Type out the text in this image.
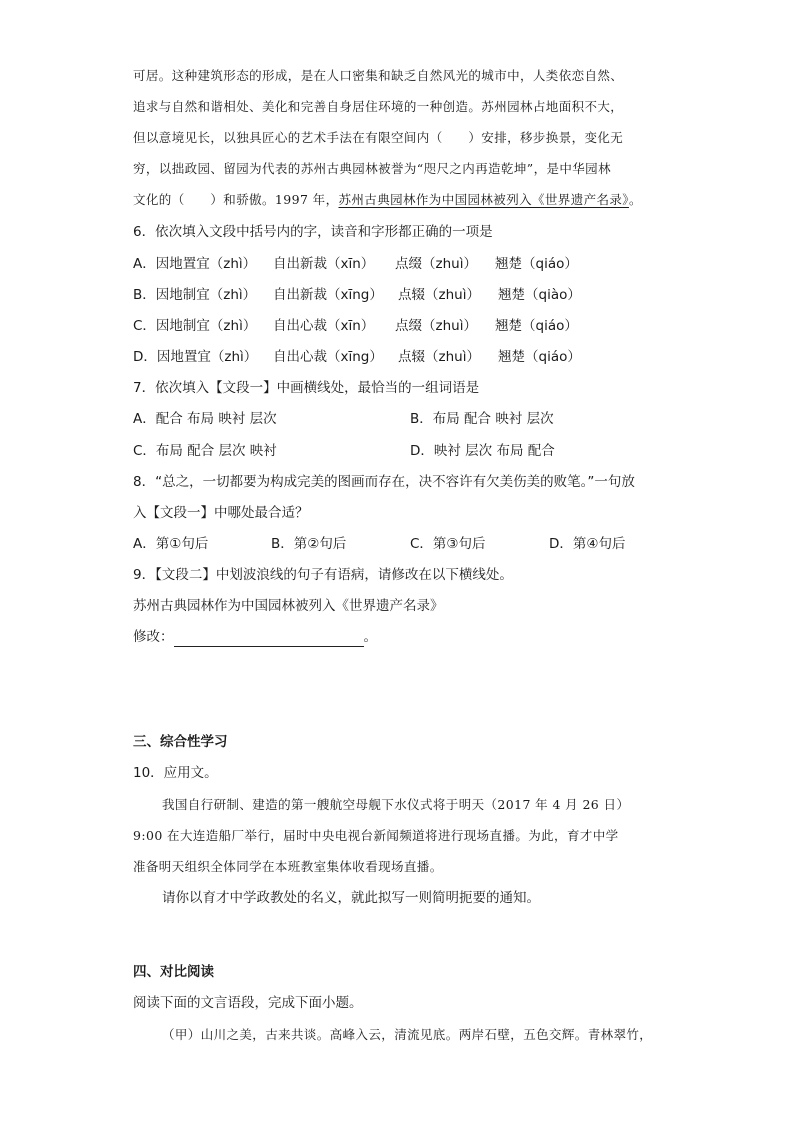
可居。这种建筑形态的形成，是在人口密集和缺乏自然风光的城市中，人类依恋自然、
追求与自然和谐相处、美化和完善自身居住环境的一种创造。苏州园林占地面积不大，
但以意境见长，以独具匠心的艺术手法在有限空间内（　　）安排，移步换景，变化无
穷，以拙政园、留园为代表的苏州古典园林被誉为“咫尺之内再造乾坤”，是中华园林
文化的（　　）和骄傲。1997 年，苏州古典园林作为中国园林被列入《世界遗产名录》。
6．依次填入文段中括号内的字，读音和字形都正确的一项是
A．因地置宜（zhì） 自出新裁（xīn） 点缀（zhuì） 翘楚（qiáo）
B．因地制宜（zhì） 自出新裁（xīng） 点辍（zhuì） 翘楚（qiào）
C．因地制宜（zhì） 自出心裁（xīn） 点缀（zhuì） 翘楚（qiáo）
D．因地置宜（zhì） 自出心裁（xīng） 点辍（zhuì） 翘楚（qiáo）
7．依次填入【文段一】中画横线处，最恰当的一组词语是
A．配合 布局 映衬 层次	B．布局 配合 映衬 层次
C．布局 配合 层次 映衬	D．映衬 层次 布局 配合
8．“总之，一切都要为构成完美的图画而存在，决不容许有欠美伤美的败笔。”一句放
入【文段一】中哪处最合适？
A．第①句后	B．第②句后	C．第③句后	D．第④句后
9．【文段二】中划波浪线的句子有语病，请修改在以下横线处。
苏州古典园林作为中国园林被列入《世界遗产名录》
修改：	。
三、综合性学习
10．应用文。
我国自行研制、建造的第一艘航空母舰下水仪式将于明天（2017 年 4 月 26 日）
9:00 在大连造船厂举行，届时中央电视台新闻频道将进行现场直播。为此，育才中学
准备明天组织全体同学在本班教室集体收看现场直播。
请你以育才中学政教处的名义，就此拟写一则简明扼要的通知。
四、对比阅读
阅读下面的文言语段，完成下面小题。
（甲）山川之美，古来共谈。高峰入云，清流见底。两岸石壁，五色交辉。青林翠竹，
